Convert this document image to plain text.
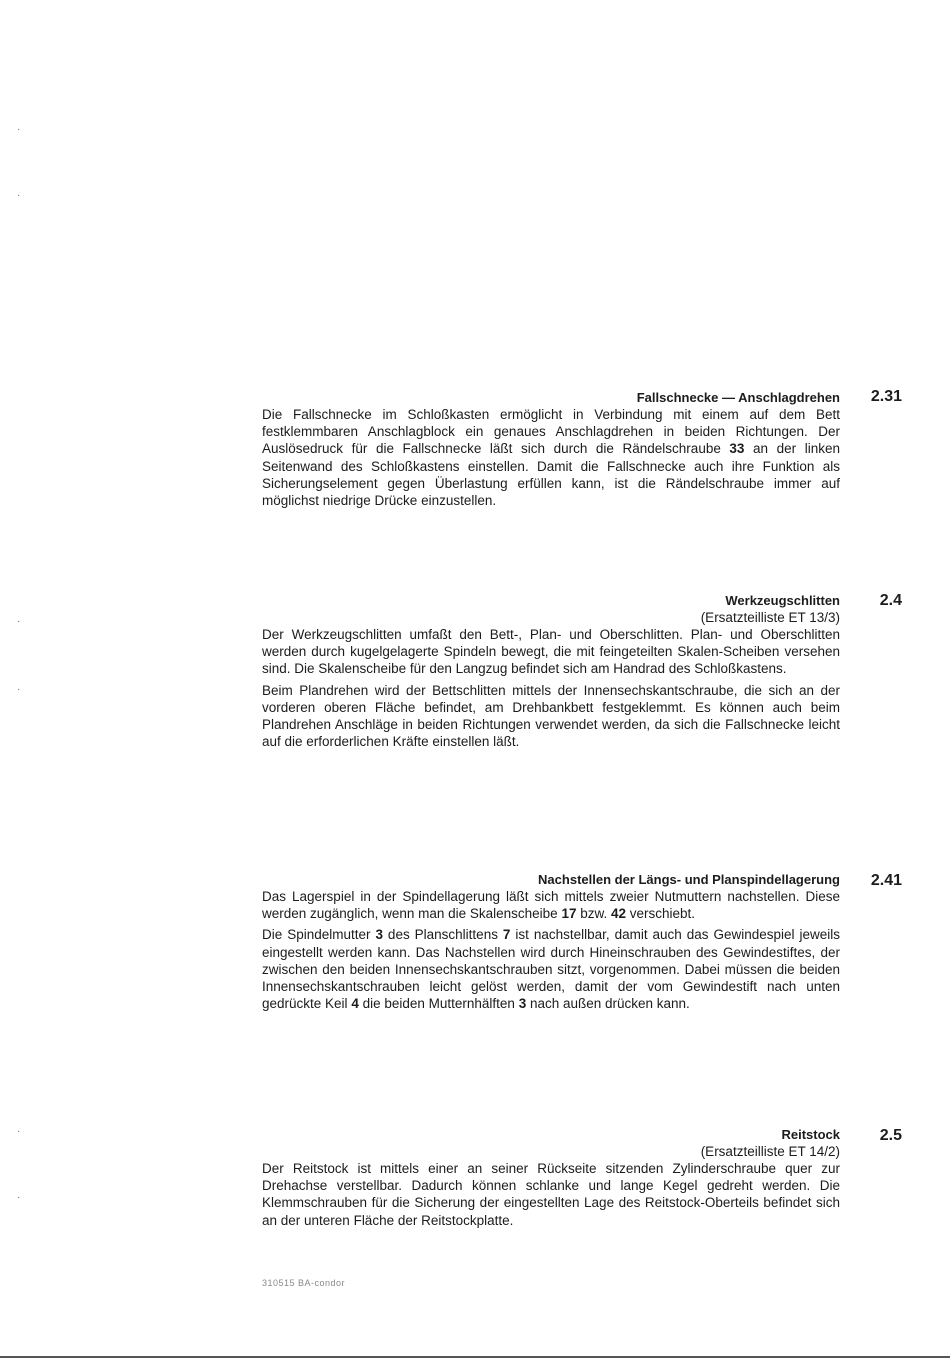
·
·
·
·
·
·
2.31
Fallschnecke — Anschlagdrehen

Die Fallschnecke im Schloßkasten ermöglicht in Verbindung mit einem auf dem Bett festklemmbaren Anschlagblock ein genaues Anschlagdrehen in beiden Richtungen. Der Auslösedruck für die Fallschnecke läßt sich durch die Rändelschraube 33 an der linken Seitenwand des Schloßkastens einstellen. Damit die Fallschnecke auch ihre Funktion als Sicherungselement gegen Überlastung erfüllen kann, ist die Rändelschraube immer auf möglichst niedrige Drücke einzustellen.

2.4
Werkzeugschlitten
(Ersatzteilliste ET 13/3)

Der Werkzeugschlitten umfaßt den Bett-, Plan- und Oberschlitten. Plan- und Oberschlitten werden durch kugelgelagerte Spindeln bewegt, die mit feingeteilten Skalen-Scheiben versehen sind. Die Skalenscheibe für den Langzug befindet sich am Handrad des Schloßkastens.

Beim Plandrehen wird der Bettschlitten mittels der Innensechskantschraube, die sich an der vorderen oberen Fläche befindet, am Drehbankbett festgeklemmt. Es können auch beim Plandrehen Anschläge in beiden Richtungen verwendet werden, da sich die Fallschnecke leicht auf die erforderlichen Kräfte einstellen läßt.

2.41
Nachstellen der Längs- und Planspindellagerung

Das Lagerspiel in der Spindellagerung läßt sich mittels zweier Nutmuttern nachstellen. Diese werden zugänglich, wenn man die Skalenscheibe 17 bzw. 42 verschiebt.

Die Spindelmutter 3 des Planschlittens 7 ist nachstellbar, damit auch das Gewindespiel jeweils eingestellt werden kann. Das Nachstellen wird durch Hineinschrauben des Gewindestiftes, der zwischen den beiden Innensechskantschrauben sitzt, vorgenommen. Dabei müssen die beiden Innensechskantschrauben leicht gelöst werden, damit der vom Gewindestift nach unten gedrückte Keil 4 die beiden Mutternhälften 3 nach außen drücken kann.

2.5
Reitstock
(Ersatzteilliste ET 14/2)

Der Reitstock ist mittels einer an seiner Rückseite sitzenden Zylinderschraube quer zur Drehachse verstellbar. Dadurch können schlanke und lange Kegel gedreht werden. Die Klemmschrauben für die Sicherung der eingestellten Lage des Reitstock-Oberteils befindet sich an der unteren Fläche der Reitstockplatte.

310515 BA-condor
